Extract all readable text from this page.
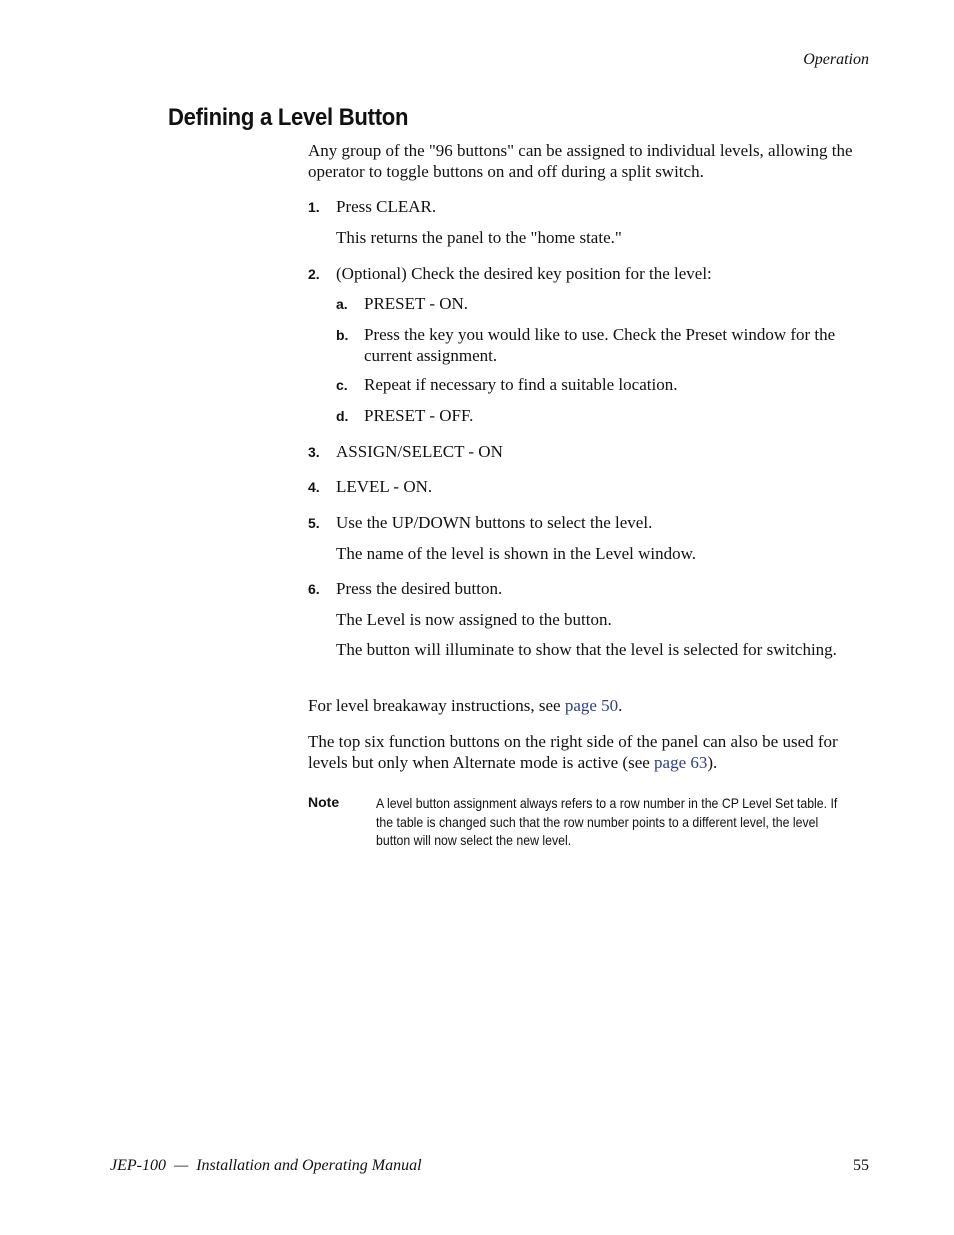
Operation
Defining a Level Button
Any group of the "96 buttons" can be assigned to individual levels, allowing the operator to toggle buttons on and off during a split switch.
1. Press CLEAR.
This returns the panel to the "home state."
2. (Optional) Check the desired key position for the level:
a. PRESET - ON.
b. Press the key you would like to use. Check the Preset window for the current assignment.
c. Repeat if necessary to find a suitable location.
d. PRESET - OFF.
3. ASSIGN/SELECT - ON
4. LEVEL - ON.
5. Use the UP/DOWN buttons to select the level.
The name of the level is shown in the Level window.
6. Press the desired button.
The Level is now assigned to the button.
The button will illuminate to show that the level is selected for switching.
For level breakaway instructions, see page 50.
The top six function buttons on the right side of the panel can also be used for levels but only when Alternate mode is active (see page 63).
Note	A level button assignment always refers to a row number in the CP Level Set table. If the table is changed such that the row number points to a different level, the level button will now select the new level.
JEP-100  —  Installation and Operating Manual	55
